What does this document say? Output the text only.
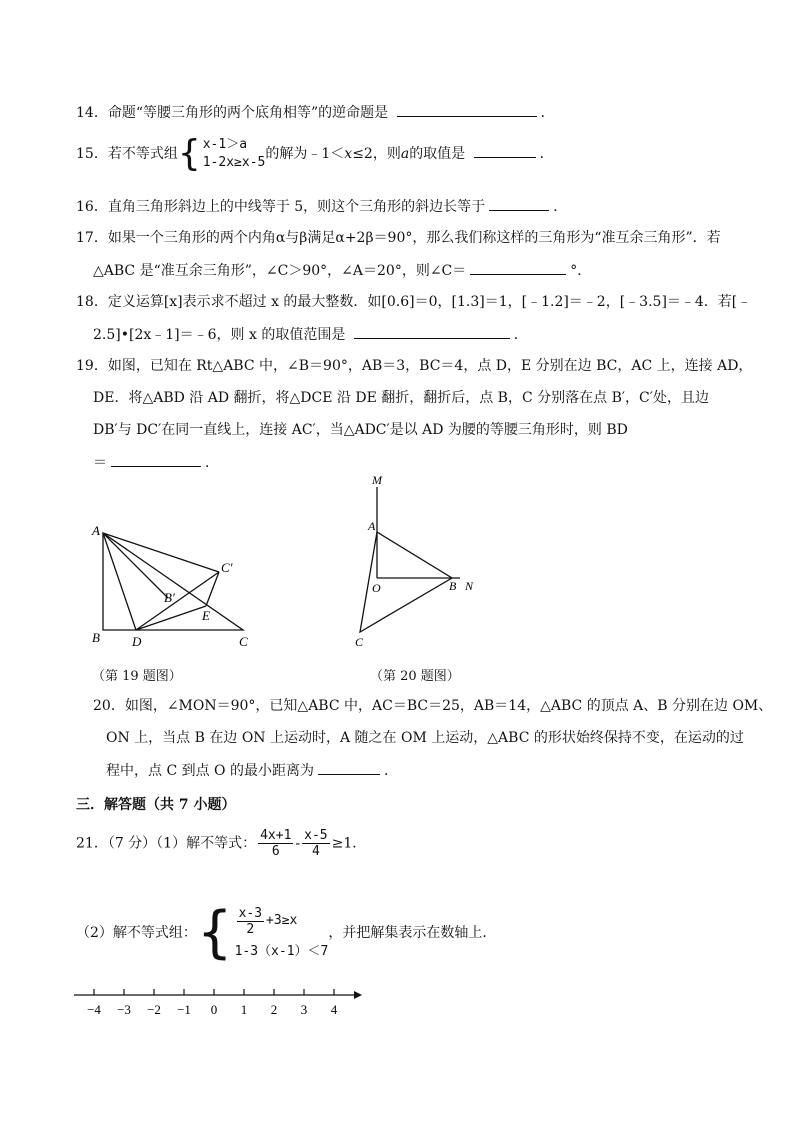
14．命题“等腰三角形的两个底角相等”的逆命题是	．
15．若不等式组 { x-1＞a
1-2x≥x-5
的解为﹣1＜x≤2，则a的取值是	．
16．直角三角形斜边上的中线等于 5，则这个三角形的斜边长等于	．
17．如果一个三角形的两个内角α与β满足α+2β＝90°，那么我们称这样的三角形为“准互余三角形”．若
△ABC 是“准互余三角形”，∠C＞90°，∠A＝20°，则∠C＝	°．
18．定义运算[x]表示求不超过 x 的最大整数．如[0.6]＝0，[1.3]＝1，[﹣1.2]＝﹣2，[﹣3.5]＝﹣4．若[﹣
2.5]•[2x﹣1]＝﹣6，则 x 的取值范围是	．
19．如图，已知在 Rt△ABC 中，∠B＝90°，AB＝3，BC＝4，点 D，E 分别在边 BC，AC 上，连接 AD，
DE．将△ABD 沿 AD 翻折，将△DCE 沿 DE 翻折，翻折后，点 B，C 分别落在点 B′，C′处，且边
DB′与 DC′在同一直线上，连接 AC′，当△ADC′是以 AD 为腰的等腰三角形时，则 BD
＝	．
A
B D	C
B′
C′
E
（第 19 题图）
M
A
O	B N
C
（第 20 题图）
20．如图，∠MON＝90°，已知△ABC 中，AC＝BC＝25，AB＝14，△ABC 的顶点 A、B 分别在边 OM、
ON 上，当点 B 在边 ON 上运动时，A 随之在 OM 上运动，△ABC 的形状始终保持不变，在运动的过
程中，点 C 到点 O 的最小距离为	．
三．解答题（共 7 小题）
21．（7 分）（1）解不等式： $\frac{4x+1}{6} - \frac{x-5}{4} \ge 1$．
（2）解不等式组： { $\frac{x-3}{2} +3\ge x$
1-3（x-1）＜7
，并把解集表示在数轴上．
−4 −3 −2 −1 0 1 2 3 4
